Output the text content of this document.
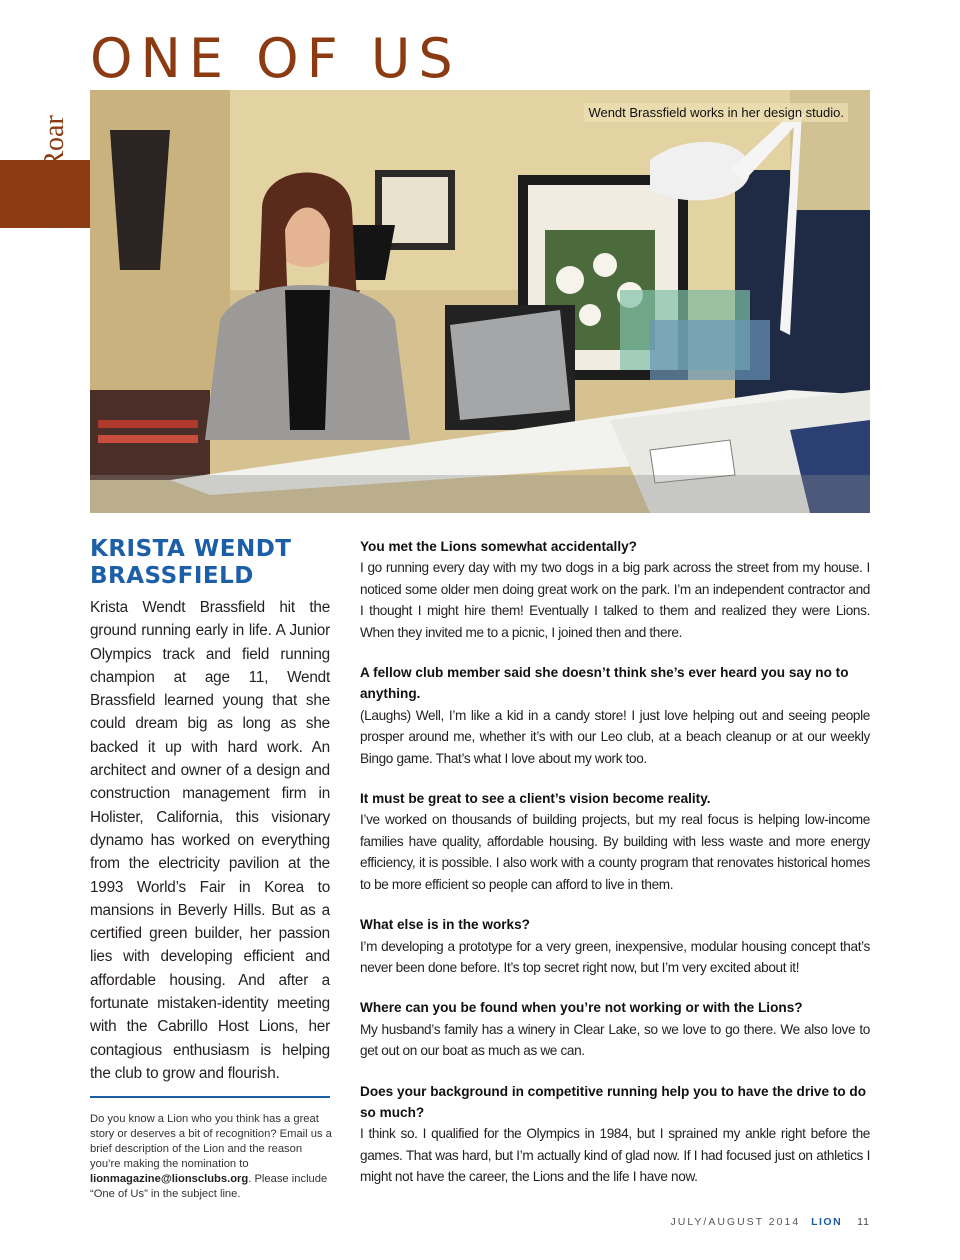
ONE OF US
First Roar
Wendt Brassfield works in her design studio.
KRISTA WENDT
BRASSFIELD

Krista Wendt Brassfield hit the ground running early in life. A Junior Olympics track and field running champion at age 11, Wendt Brassfield learned young that she could dream big as long as she backed it up with hard work. An architect and owner of a design and construction management firm in Holister, California, this visionary dynamo has worked on everything from the electricity pavilion at the 1993 World’s Fair in Korea to mansions in Beverly Hills. But as a certified green builder, her passion lies with developing efficient and affordable housing. And after a fortunate mistaken-identity meeting with the Cabrillo Host Lions, her contagious enthusiasm is helping the club to grow and flourish.

Do you know a Lion who you think has a great story or deserves a bit of recognition? Email us a brief description of the Lion and the reason you’re making the nomination to lionmagazine@lionsclubs.org. Please include “One of Us” in the subject line.

You met the Lions somewhat accidentally?

I go running every day with my two dogs in a big park across the street from my house. I noticed some older men doing great work on the park. I’m an independent contractor and I thought I might hire them! Eventually I talked to them and realized they were Lions. When they invited me to a picnic, I joined then and there.

A fellow club member said she doesn’t think she’s ever heard you say no to anything.

(Laughs) Well, I’m like a kid in a candy store! I just love helping out and seeing people prosper around me, whether it’s with our Leo club, at a beach cleanup or at our weekly Bingo game. That’s what I love about my work too.

It must be great to see a client’s vision become reality.

I’ve worked on thousands of building projects, but my real focus is helping low-income families have quality, affordable housing. By building with less waste and more energy efficiency, it is possible. I also work with a county program that renovates historical homes to be more efficient so people can afford to live in them.

What else is in the works?

I’m developing a prototype for a very green, inexpensive, modular housing concept that’s never been done before. It’s top secret right now, but I’m very excited about it!

Where can you be found when you’re not working or with the Lions?

My husband’s family has a winery in Clear Lake, so we love to go there. We also love to get out on our boat as much as we can.

Does your background in competitive running help you to have the drive to do so much?

I think so. I qualified for the Olympics in 1984, but I sprained my ankle right before the games. That was hard, but I’m actually kind of glad now. If I had focused just on athletics I might not have the career, the Lions and the life I have now.

JULY/AUGUST 2014 LION 11
